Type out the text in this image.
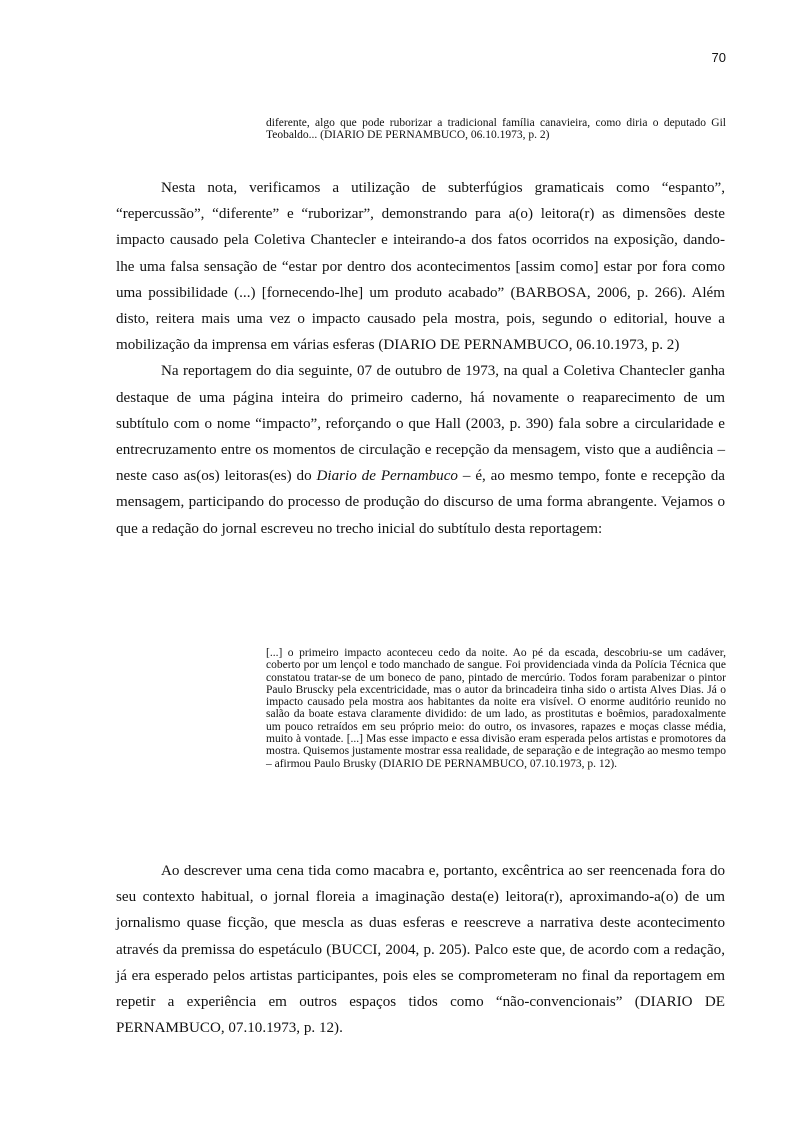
70

diferente, algo que pode ruborizar a tradicional família canavieira, como diria o deputado Gil Teobaldo... (DIARIO DE PERNAMBUCO, 06.10.1973, p. 2)

Nesta nota, verificamos a utilização de subterfúgios gramaticais como “espanto”, “repercussão”, “diferente” e “ruborizar”, demonstrando para a(o) leitora(r) as dimensões deste impacto causado pela Coletiva Chantecler e inteirando-a dos fatos ocorridos na exposição, dando-lhe uma falsa sensação de “estar por dentro dos acontecimentos [assim como] estar por fora como uma possibilidade (...) [fornecendo-lhe] um produto acabado” (BARBOSA, 2006, p. 266). Além disto, reitera mais uma vez o impacto causado pela mostra, pois, segundo o editorial, houve a mobilização da imprensa em várias esferas (DIARIO DE PERNAMBUCO, 06.10.1973, p. 2)

Na reportagem do dia seguinte, 07 de outubro de 1973, na qual a Coletiva Chantecler ganha destaque de uma página inteira do primeiro caderno, há novamente o reaparecimento de um subtítulo com o nome “impacto”, reforçando o que Hall (2003, p. 390) fala sobre a circularidade e entrecruzamento entre os momentos de circulação e recepção da mensagem, visto que a audiência – neste caso as(os) leitoras(es) do Diario de Pernambuco – é, ao mesmo tempo, fonte e recepção da mensagem, participando do processo de produção do discurso de uma forma abrangente. Vejamos o que a redação do jornal escreveu no trecho inicial do subtítulo desta reportagem:

[...] o primeiro impacto aconteceu cedo da noite. Ao pé da escada, descobriu-se um cadáver, coberto por um lençol e todo manchado de sangue. Foi providenciada vinda da Polícia Técnica que constatou tratar-se de um boneco de pano, pintado de mercúrio. Todos foram parabenizar o pintor Paulo Bruscky pela excentricidade, mas o autor da brincadeira tinha sido o artista Alves Dias. Já o impacto causado pela mostra aos habitantes da noite era visível. O enorme auditório reunido no salão da boate estava claramente dividido: de um lado, as prostitutas e boêmios, paradoxalmente um pouco retraídos em seu próprio meio: do outro, os invasores, rapazes e moças classe média, muito à vontade. [...] Mas esse impacto e essa divisão eram esperada pelos artistas e promotores da mostra. Quisemos justamente mostrar essa realidade, de separação e de integração ao mesmo tempo – afirmou Paulo Brusky (DIARIO DE PERNAMBUCO, 07.10.1973, p. 12).

Ao descrever uma cena tida como macabra e, portanto, excêntrica ao ser reencenada fora do seu contexto habitual, o jornal floreia a imaginação desta(e) leitora(r), aproximando-a(o) de um jornalismo quase ficção, que mescla as duas esferas e reescreve a narrativa deste acontecimento através da premissa do espetáculo (BUCCI, 2004, p. 205). Palco este que, de acordo com a redação, já era esperado pelos artistas participantes, pois eles se comprometeram no final da reportagem em repetir a experiência em outros espaços tidos como “não-convencionais” (DIARIO DE PERNAMBUCO, 07.10.1973, p. 12).
